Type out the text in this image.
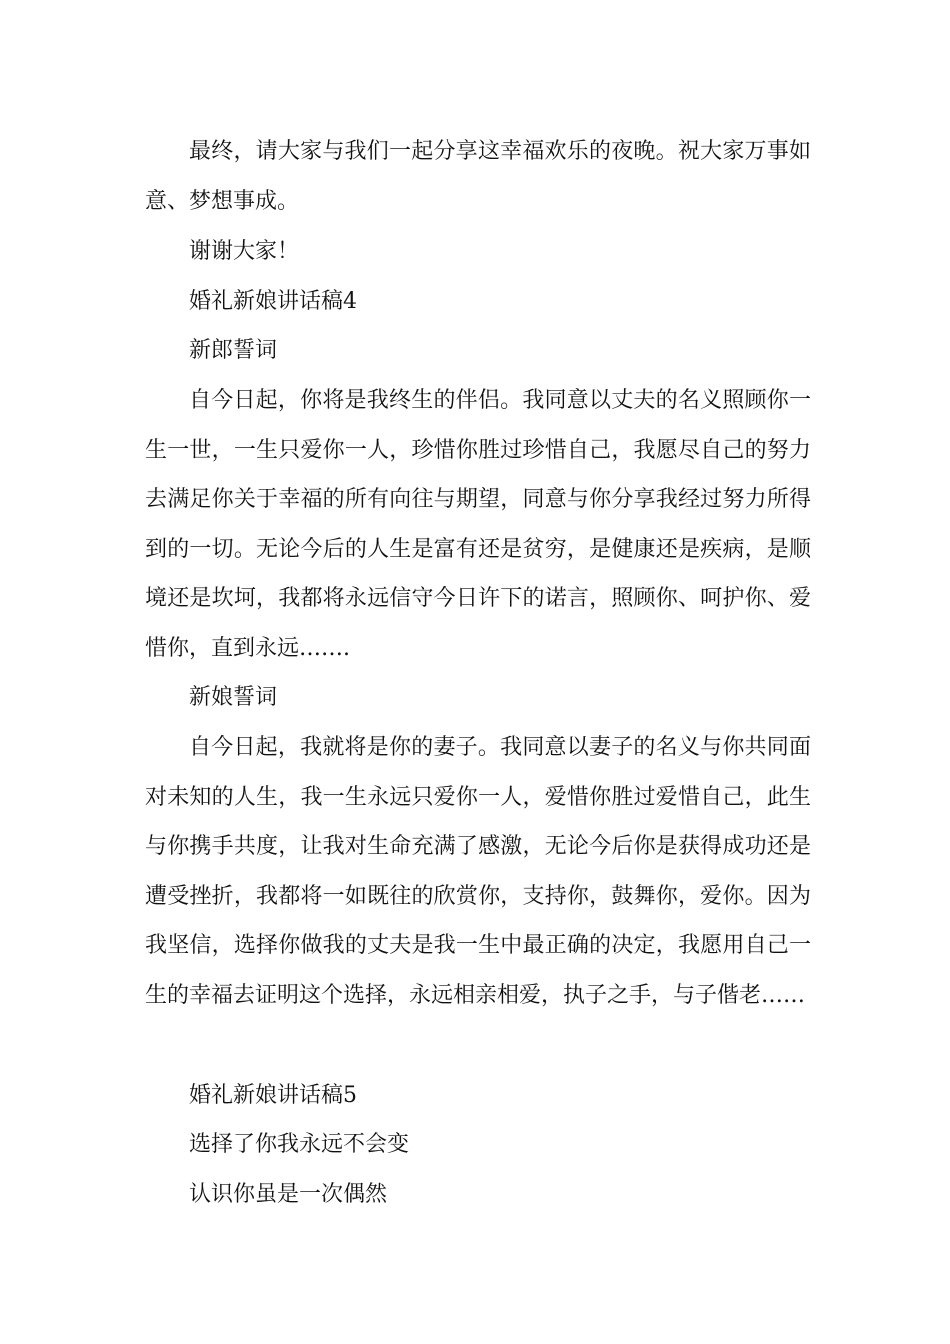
最终，请大家与我们一起分享这幸福欢乐的夜晚。祝大家万事如意、梦想事成。

谢谢大家！

婚礼新娘讲话稿4

新郎誓词

自今日起，你将是我终生的伴侣。我同意以丈夫的名义照顾你一生一世，一生只爱你一人，珍惜你胜过珍惜自己，我愿尽自己的努力去满足你关于幸福的所有向往与期望，同意与你分享我经过努力所得到的一切。无论今后的人生是富有还是贫穷，是健康还是疾病，是顺境还是坎坷，我都将永远信守今日许下的诺言，照顾你、呵护你、爱惜你，直到永远…….

新娘誓词

自今日起，我就将是你的妻子。我同意以妻子的名义与你共同面对未知的人生，我一生永远只爱你一人，爱惜你胜过爱惜自己，此生与你携手共度，让我对生命充满了感激，无论今后你是获得成功还是遭受挫折，我都将一如既往的欣赏你，支持你，鼓舞你，爱你。因为我坚信，选择你做我的丈夫是我一生中最正确的决定，我愿用自己一生的幸福去证明这个选择，永远相亲相爱，执子之手，与子偕老……

婚礼新娘讲话稿5

选择了你我永远不会变

认识你虽是一次偶然
